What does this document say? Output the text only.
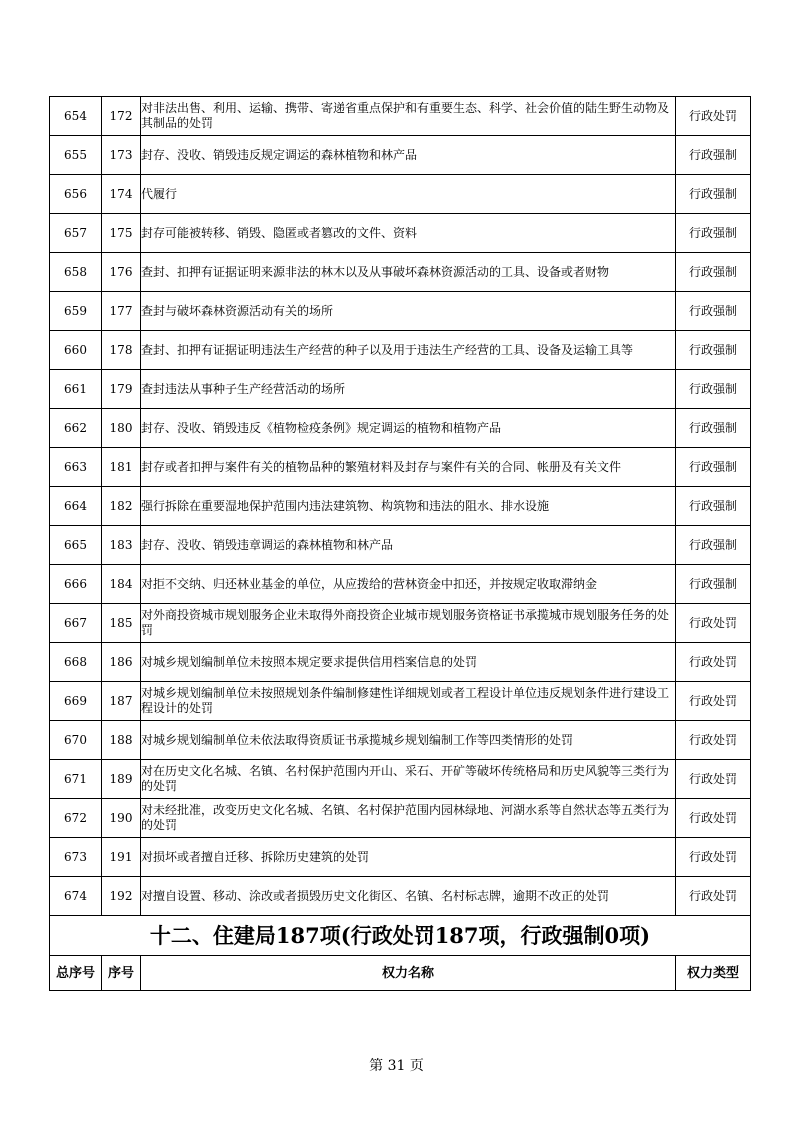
654	172	对非法出售、利用、运输、携带、寄递省重点保护和有重要生态、科学、社会价值的陆生野生动物及其制品的处罚	行政处罚
655	173	封存、没收、销毁违反规定调运的森林植物和林产品	行政强制
656	174	代履行	行政强制
657	175	封存可能被转移、销毁、隐匿或者篡改的文件、资料	行政强制
658	176	查封、扣押有证据证明来源非法的林木以及从事破坏森林资源活动的工具、设备或者财物	行政强制
659	177	查封与破坏森林资源活动有关的场所	行政强制
660	178	查封、扣押有证据证明违法生产经营的种子以及用于违法生产经营的工具、设备及运输工具等	行政强制
661	179	查封违法从事种子生产经营活动的场所	行政强制
662	180	封存、没收、销毁违反《植物检疫条例》规定调运的植物和植物产品	行政强制
663	181	封存或者扣押与案件有关的植物品种的繁殖材料及封存与案件有关的合同、帐册及有关文件	行政强制
664	182	强行拆除在重要湿地保护范围内违法建筑物、构筑物和违法的阻水、排水设施	行政强制
665	183	封存、没收、销毁违章调运的森林植物和林产品	行政强制
666	184	对拒不交纳、归还林业基金的单位，从应拨给的营林资金中扣还，并按规定收取滞纳金	行政强制
667	185	对外商投资城市规划服务企业未取得外商投资企业城市规划服务资格证书承揽城市规划服务任务的处罚	行政处罚
668	186	对城乡规划编制单位未按照本规定要求提供信用档案信息的处罚	行政处罚
669	187	对城乡规划编制单位未按照规划条件编制修建性详细规划或者工程设计单位违反规划条件进行建设工程设计的处罚	行政处罚
670	188	对城乡规划编制单位未依法取得资质证书承揽城乡规划编制工作等四类情形的处罚	行政处罚
671	189	对在历史文化名城、名镇、名村保护范围内开山、采石、开矿等破坏传统格局和历史风貌等三类行为的处罚	行政处罚
672	190	对未经批准，改变历史文化名城、名镇、名村保护范围内园林绿地、河湖水系等自然状态等五类行为的处罚	行政处罚
673	191	对损坏或者擅自迁移、拆除历史建筑的处罚	行政处罚
674	192	对擅自设置、移动、涂改或者损毁历史文化街区、名镇、名村标志牌，逾期不改正的处罚	行政处罚
十二、住建局187项(行政处罚187项，行政强制0项)			
总序号	序号	权力名称	权力类型
第 31 页
